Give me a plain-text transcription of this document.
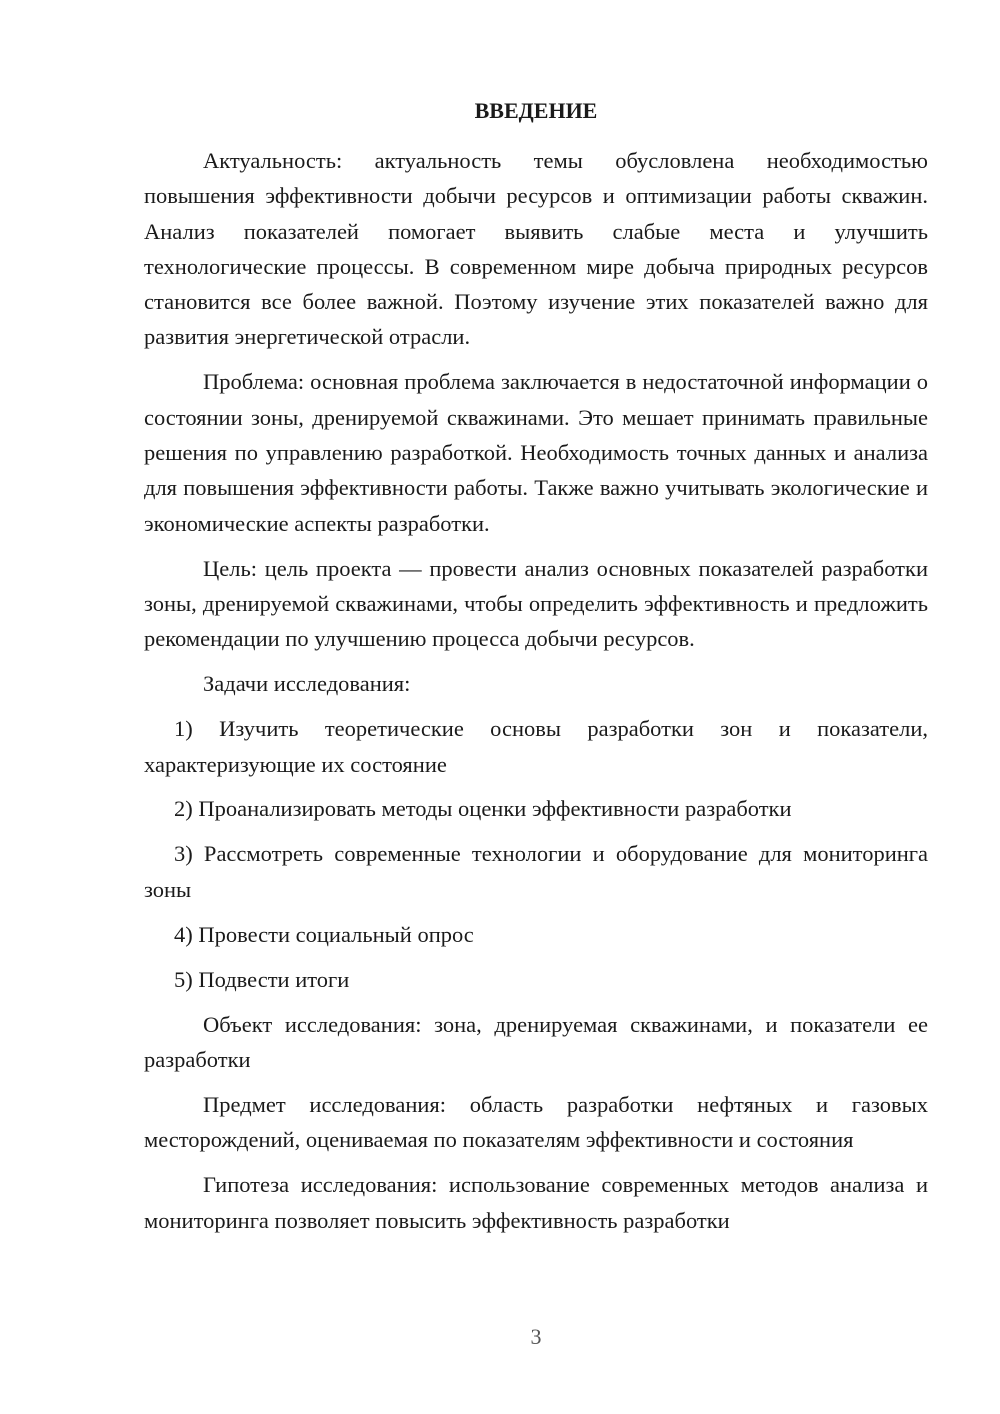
ВВЕДЕНИЕ

Актуальность: актуальность темы обусловлена необходимостью повышения эффективности добычи ресурсов и оптимизации работы скважин. Анализ показателей помогает выявить слабые места и улучшить технологические процессы. В современном мире добыча природных ресурсов становится все более важной. Поэтому изучение этих показателей важно для развития энергетической отрасли.

Проблема: основная проблема заключается в недостаточной информации о состоянии зоны, дренируемой скважинами. Это мешает принимать правильные решения по управлению разработкой. Необходимость точных данных и анализа для повышения эффективности работы. Также важно учитывать экологические и экономические аспекты разработки.

Цель: цель проекта — провести анализ основных показателей разработки зоны, дренируемой скважинами, чтобы определить эффективность и предложить рекомендации по улучшению процесса добычи ресурсов.

Задачи исследования:

1) Изучить теоретические основы разработки зон и показатели, характеризующие их состояние

2) Проанализировать методы оценки эффективности разработки

3) Рассмотреть современные технологии и оборудование для мониторинга зоны

4) Провести социальный опрос

5) Подвести итоги

Объект исследования: зона, дренируемая скважинами, и показатели ее разработки

Предмет исследования: область разработки нефтяных и газовых месторождений, оцениваемая по показателям эффективности и состояния

Гипотеза исследования: использование современных методов анализа и мониторинга позволяет повысить эффективность разработки

3
